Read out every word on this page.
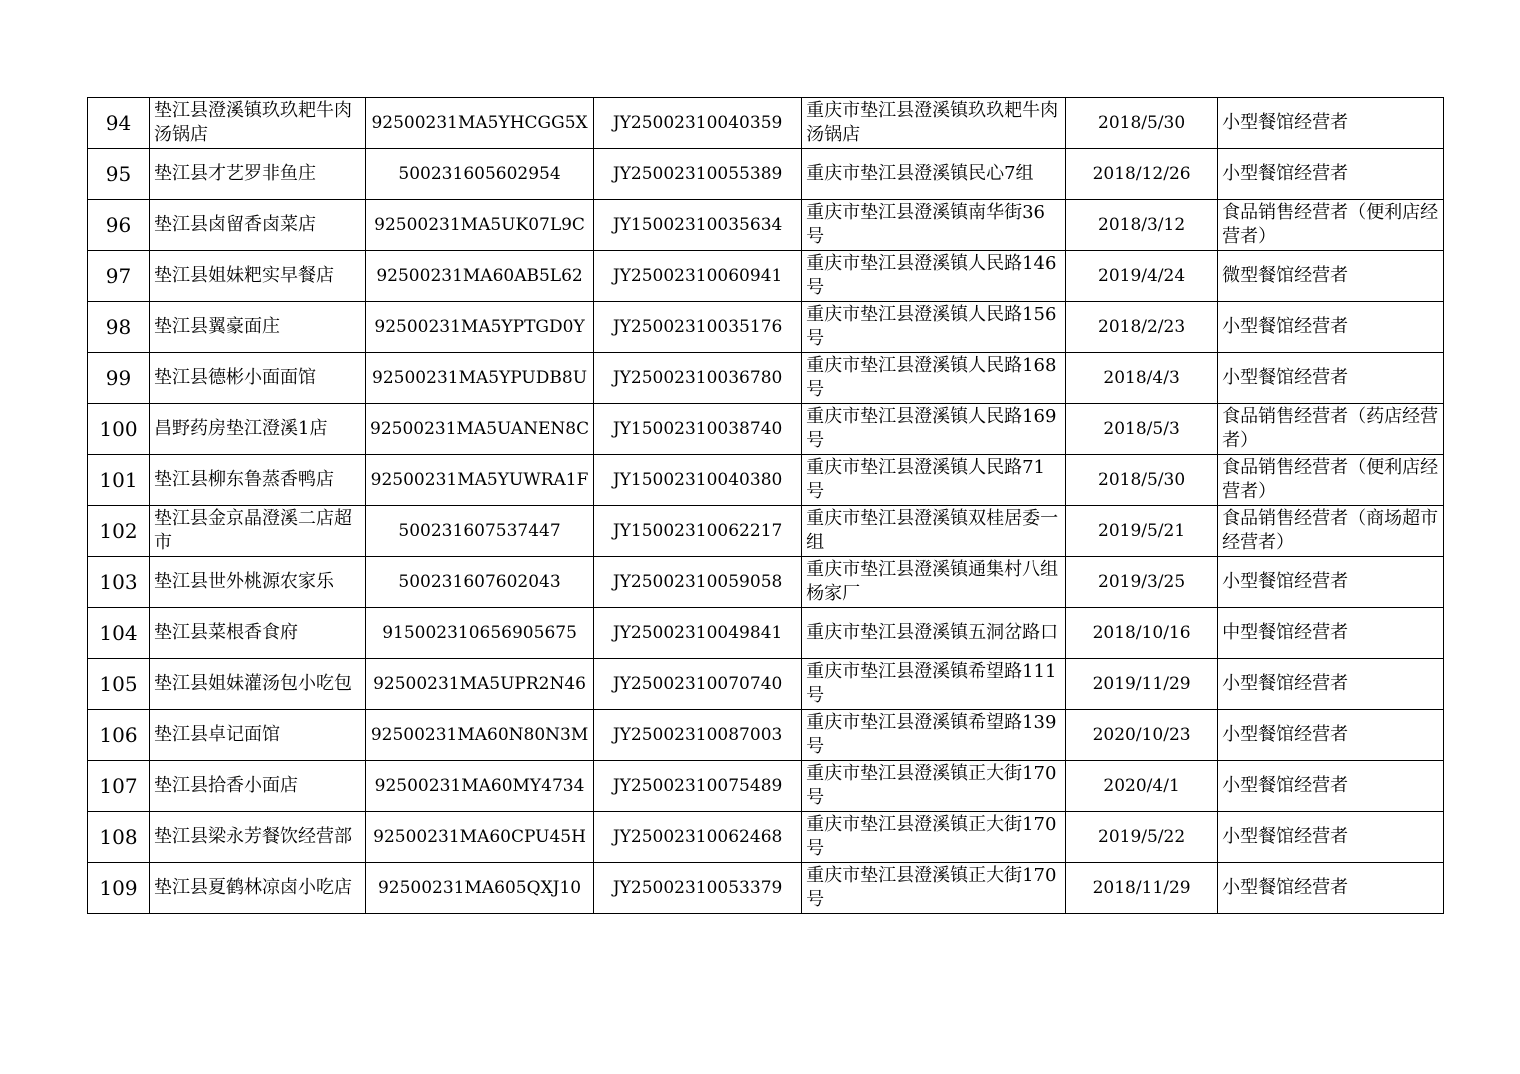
94	垫江县澄溪镇玖玖耙牛肉汤锅店	92500231MA5YHCGG5X	JY25002310040359	重庆市垫江县澄溪镇玖玖耙牛肉汤锅店	2018/5/30	小型餐馆经营者
95	垫江县才艺罗非鱼庄	500231605602954	JY25002310055389	重庆市垫江县澄溪镇民心7组	2018/12/26	小型餐馆经营者
96	垫江县卤留香卤菜店	92500231MA5UK07L9C	JY15002310035634	重庆市垫江县澄溪镇南华街36号	2018/3/12	食品销售经营者（便利店经营者）
97	垫江县姐妹粑实早餐店	92500231MA60AB5L62	JY25002310060941	重庆市垫江县澄溪镇人民路146号	2019/4/24	微型餐馆经营者
98	垫江县翼豪面庄	92500231MA5YPTGD0Y	JY25002310035176	重庆市垫江县澄溪镇人民路156号	2018/2/23	小型餐馆经营者
99	垫江县德彬小面面馆	92500231MA5YPUDB8U	JY25002310036780	重庆市垫江县澄溪镇人民路168号	2018/4/3	小型餐馆经营者
100	昌野药房垫江澄溪1店	92500231MA5UANEN8C	JY15002310038740	重庆市垫江县澄溪镇人民路169号	2018/5/3	食品销售经营者（药店经营者）
101	垫江县柳东鲁蒸香鸭店	92500231MA5YUWRA1F	JY15002310040380	重庆市垫江县澄溪镇人民路71号	2018/5/30	食品销售经营者（便利店经营者）
102	垫江县金京晶澄溪二店超市	500231607537447	JY15002310062217	重庆市垫江县澄溪镇双桂居委一组	2019/5/21	食品销售经营者（商场超市经营者）
103	垫江县世外桃源农家乐	500231607602043	JY25002310059058	重庆市垫江县澄溪镇通集村八组杨家厂	2019/3/25	小型餐馆经营者
104	垫江县菜根香食府	915002310656905675	JY25002310049841	重庆市垫江县澄溪镇五洞岔路口	2018/10/16	中型餐馆经营者
105	垫江县姐妹灌汤包小吃包	92500231MA5UPR2N46	JY25002310070740	重庆市垫江县澄溪镇希望路111号	2019/11/29	小型餐馆经营者
106	垫江县卓记面馆	92500231MA60N80N3M	JY25002310087003	重庆市垫江县澄溪镇希望路139号	2020/10/23	小型餐馆经营者
107	垫江县拾香小面店	92500231MA60MY4734	JY25002310075489	重庆市垫江县澄溪镇正大街170号	2020/4/1	小型餐馆经营者
108	垫江县梁永芳餐饮经营部	92500231MA60CPU45H	JY25002310062468	重庆市垫江县澄溪镇正大街170号	2019/5/22	小型餐馆经营者
109	垫江县夏鹤林凉卤小吃店	92500231MA605QXJ10	JY25002310053379	重庆市垫江县澄溪镇正大街170号	2018/11/29	小型餐馆经营者
